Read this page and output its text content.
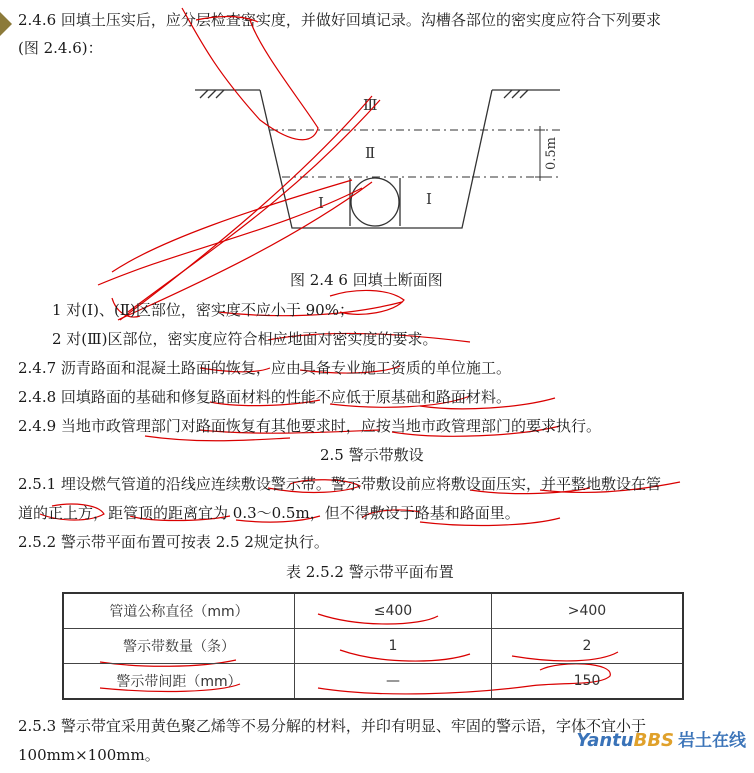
2.4.6 回填土压实后，应分层检查密实度，并做好回填记录。沟槽各部位的密实度应符合下列要求
(图 2.4.6)：
Ⅲ
Ⅱ
I	I
0.5m
图 2.4 6 回填土断面图
1 对(I)、(Ⅱ)区部位，密实度不应小于 90%；
2 对(Ⅲ)区部位，密实度应符合相应地面对密实度的要求。
2.4.7 沥青路面和混凝土路面的恢复，应由具备专业施工资质的单位施工。
2.4.8 回填路面的基础和修复路面材料的性能不应低于原基础和路面材料。
2.4.9 当地市政管理部门对路面恢复有其他要求时，应按当地市政管理部门的要求执行。
2.5 警示带敷设
2.5.1 埋设燃气管道的沿线应连续敷设警示带。警示带敷设前应将敷设面压实，并平整地敷设在管
道的正上方，距管顶的距离宜为 0.3～0.5m，但不得敷设于路基和路面里。
2.5.2 警示带平面布置可按表 2.5 2规定执行。
表 2.5.2 警示带平面布置
管道公称直径（mm）	≤400	>400
警示带数量（条）	1	2
警示带间距（mm）	—	150
2.5.3 警示带宜采用黄色聚乙烯等不易分解的材料，并印有明显、牢固的警示语，字体不宜小于
100mm×100mm。
YantuBBS 岩土在线
